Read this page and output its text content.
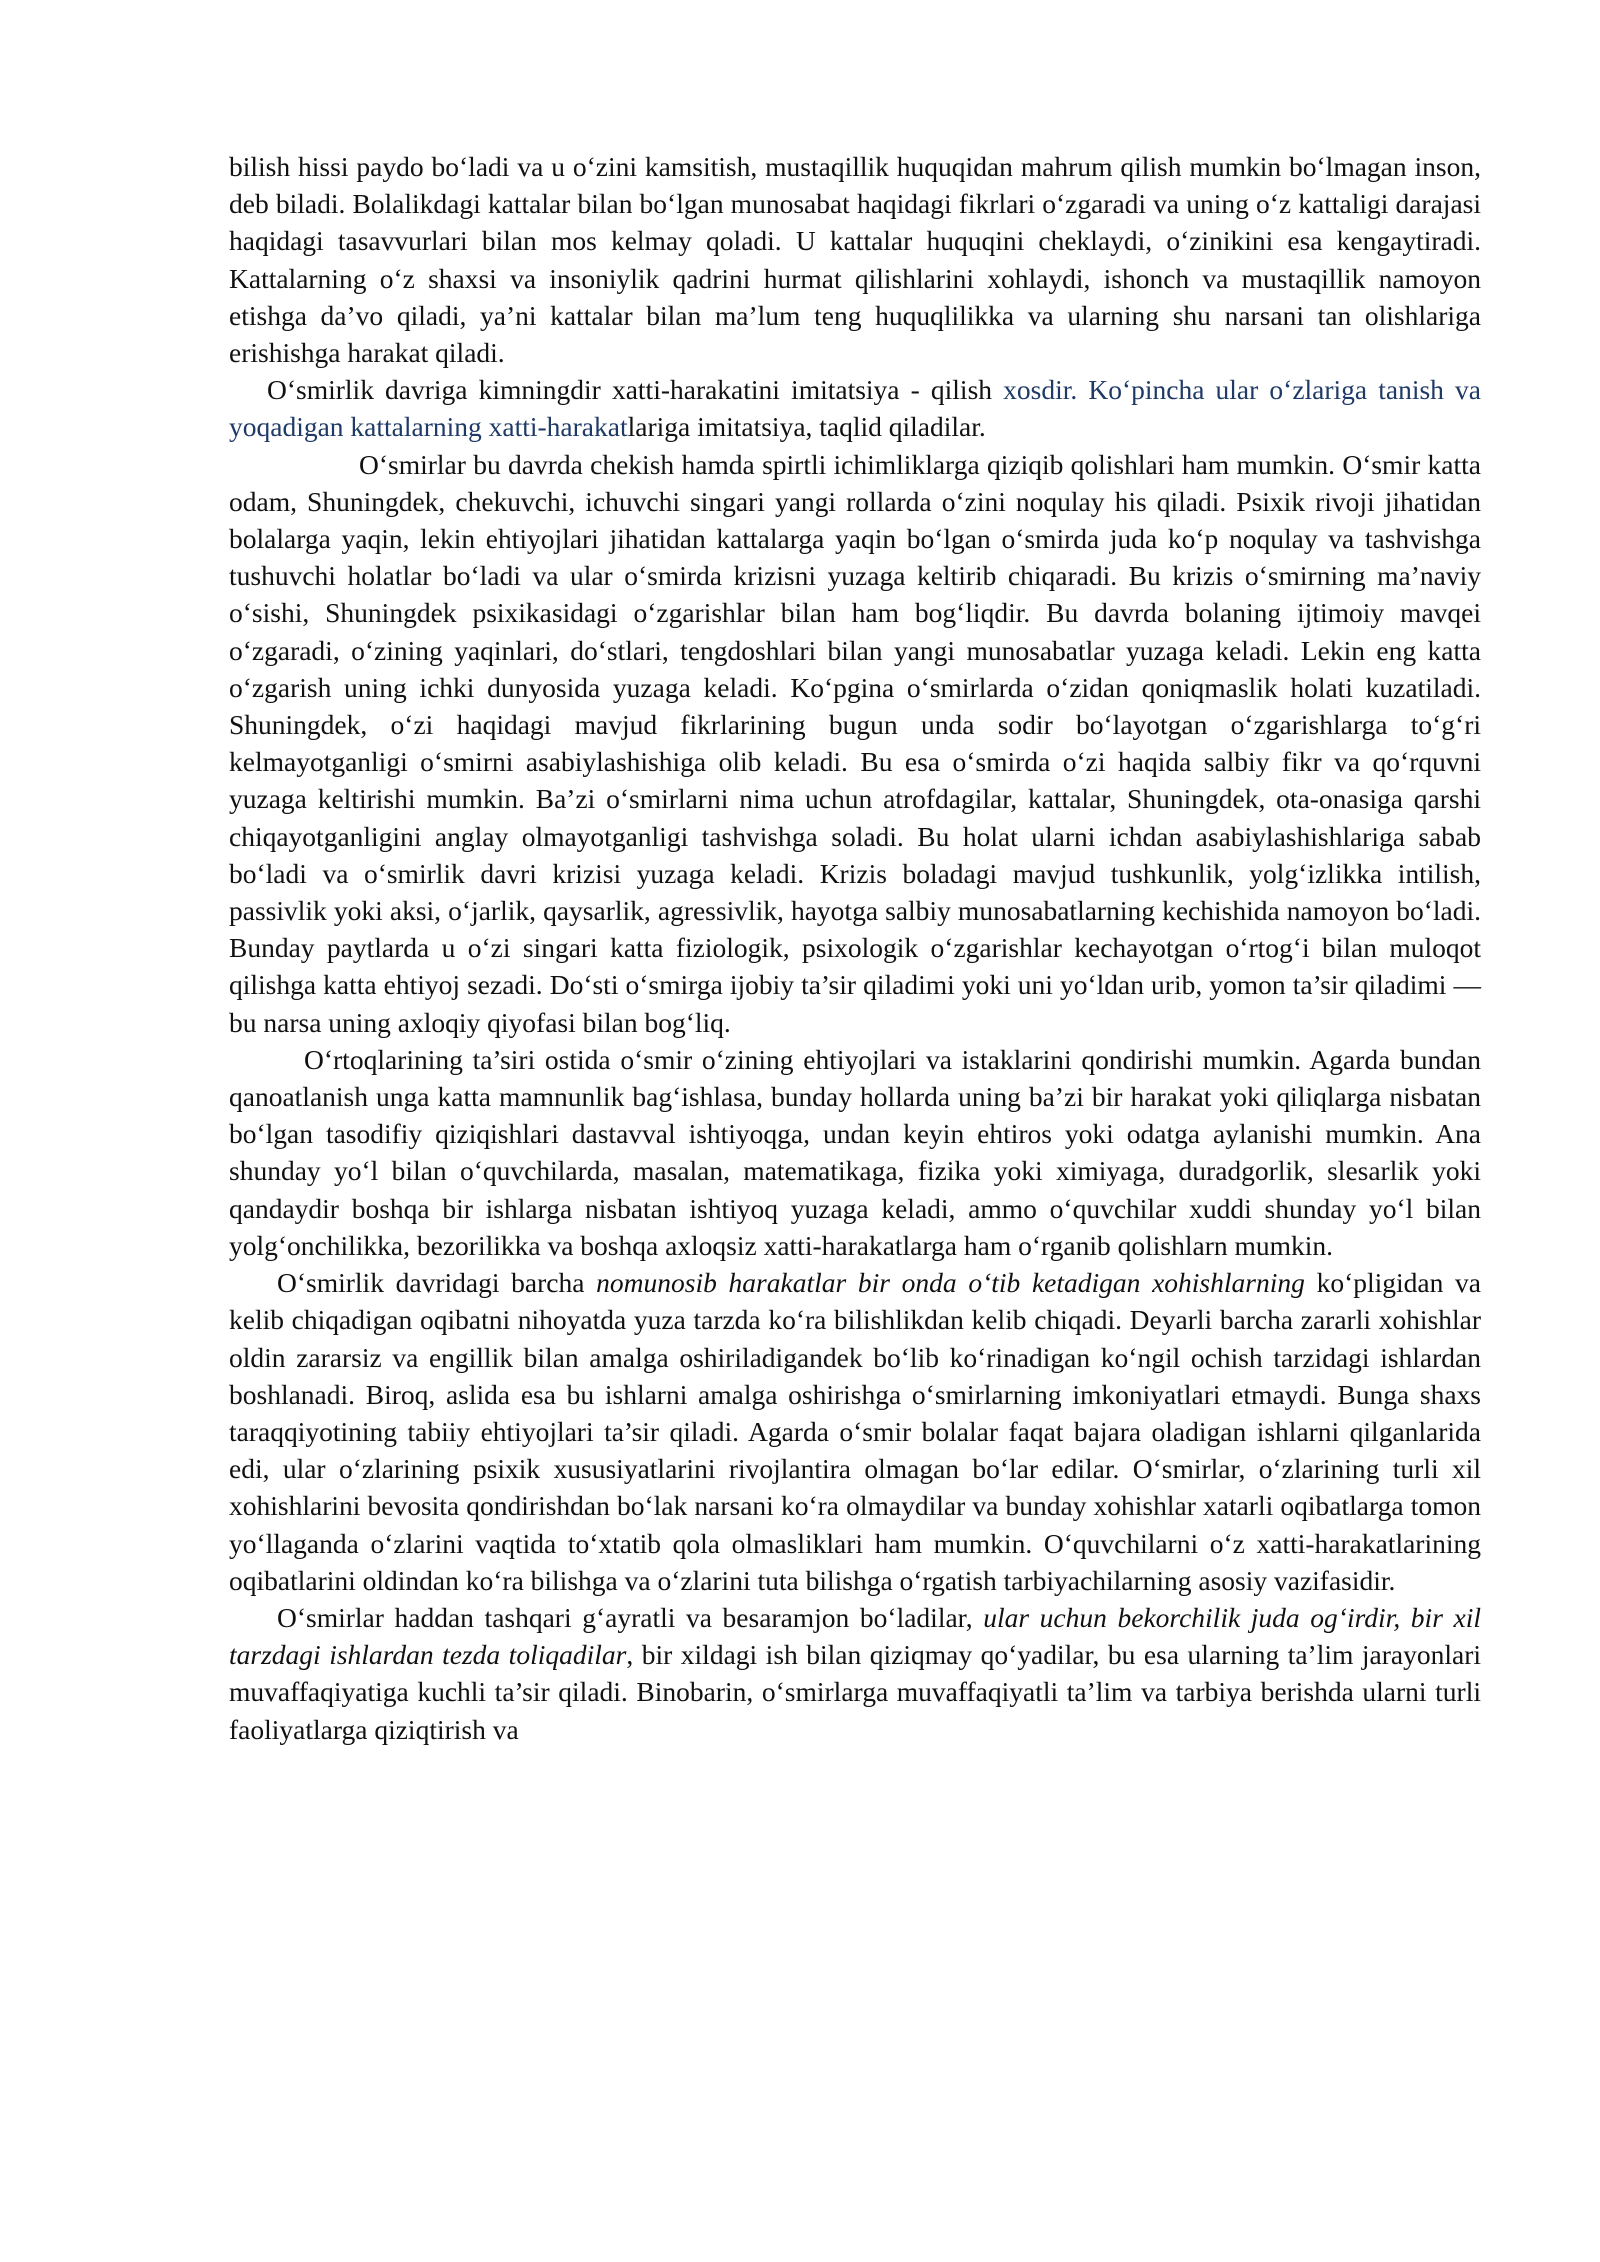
bilish hissi paydo bo‘ladi va u o‘zini kamsitish, mustaqillik huquqidan mahrum qilish mumkin bo‘lmagan inson, deb biladi. Bolalikdagi kattalar bilan bo‘lgan munosabat haqidagi fikrlari o‘zgaradi va uning o‘z kattaligi darajasi haqidagi tasavvurlari bilan mos kelmay qoladi. U kattalar huquqini cheklaydi, o‘zinikini esa kengaytiradi. Kattalarning o‘z shaxsi va insoniylik qadrini hurmat qilishlarini xohlaydi, ishonch va mustaqillik namoyon etishga da’vo qiladi, ya’ni kattalar bilan ma’lum teng huquqlilikka va ularning shu narsani tan olishlariga erishishga harakat qiladi.

O‘smirlik davriga kimningdir xatti-harakatini imitatsiya - qilish xosdir. Ko‘pincha ular o‘zlariga tanish va yoqadigan kattalarning xatti-harakatlariga imitatsiya, taqlid qiladilar.

O‘smirlar bu davrda chekish hamda spirtli ichimliklarga qiziqib qolishlari ham mumkin. O‘smir katta odam, Shuningdek, chekuvchi, ichuvchi singari yangi rollarda o‘zini noqulay his qiladi. Psixik rivoji jihatidan bolalarga yaqin, lekin ehtiyojlari jihatidan kattalarga yaqin bo‘lgan o‘smirda juda ko‘p noqulay va tashvishga tushuvchi holatlar bo‘ladi va ular o‘smirda krizisni yuzaga keltirib chiqaradi. Bu krizis o‘smirning ma’naviy o‘sishi, Shuningdek psixikasidagi o‘zgarishlar bilan ham bog‘liqdir. Bu davrda bolaning ijtimoiy mavqei o‘zgaradi, o‘zining yaqinlari, do‘stlari, tengdoshlari bilan yangi munosabatlar yuzaga keladi. Lekin eng katta o‘zgarish uning ichki dunyosida yuzaga keladi. Ko‘pgina o‘smirlarda o‘zidan qoniqmaslik holati kuzatiladi. Shuningdek, o‘zi haqidagi mavjud fikrlarining bugun unda sodir bo‘layotgan o‘zgarishlarga to‘g‘ri kelmayotganligi o‘smirni asabiylashishiga olib keladi. Bu esa o‘smirda o‘zi haqida salbiy fikr va qo‘rquvni yuzaga keltirishi mumkin. Ba’zi o‘smirlarni nima uchun atrofdagilar, kattalar, Shuningdek, ota-onasiga qarshi chiqayotganligini anglay olmayotganligi tashvishga soladi. Bu holat ularni ichdan asabiylashishlariga sabab bo‘ladi va o‘smirlik davri krizisi yuzaga keladi. Krizis boladagi mavjud tushkunlik, yolg‘izlikka intilish, passivlik yoki aksi, o‘jarlik, qaysarlik, agressivlik, hayotga salbiy munosabatlarning kechishida namoyon bo‘ladi. Bunday paytlarda u o‘zi singari katta fiziologik, psixologik o‘zgarishlar kechayotgan o‘rtog‘i bilan muloqot qilishga katta ehtiyoj sezadi. Do‘sti o‘smirga ijobiy ta’sir qiladimi yoki uni yo‘ldan urib, yomon ta’sir qiladimi — bu narsa uning axloqiy qiyofasi bilan bog‘liq.

O‘rtoqlarining ta’siri ostida o‘smir o‘zining ehtiyojlari va istaklarini qondirishi mumkin. Agarda bundan qanoatlanish unga katta mamnunlik bag‘ishlasa, bunday hollarda uning ba’zi bir harakat yoki qiliqlarga nisbatan bo‘lgan tasodifiy qiziqishlari dastavval ishtiyoqga, undan keyin ehtiros yoki odatga aylanishi mumkin. Ana shunday yo‘l bilan o‘quvchilarda, masalan, matematikaga, fizika yoki ximiyaga, duradgorlik, slesarlik yoki qandaydir boshqa bir ishlarga nisbatan ishtiyoq yuzaga keladi, ammo o‘quvchilar xuddi shunday yo‘l bilan yolg‘onchilikka, bezorilikka va boshqa axloqsiz xatti-harakatlarga ham o‘rganib qolishlarn mumkin.

O‘smirlik davridagi barcha nomunosib harakatlar bir onda o‘tib ketadigan xohishlarning ko‘pligidan va kelib chiqadigan oqibatni nihoyatda yuza tarzda ko‘ra bilishlikdan kelib chiqadi. Deyarli barcha zararli xohishlar oldin zararsiz va engillik bilan amalga oshiriladigandek bo‘lib ko‘rinadigan ko‘ngil ochish tarzidagi ishlardan boshlanadi. Biroq, aslida esa bu ishlarni amalga oshirishga o‘smirlarning imkoniyatlari etmaydi. Bunga shaxs taraqqiyotining tabiiy ehtiyojlari ta’sir qiladi. Agarda o‘smir bolalar faqat bajara oladigan ishlarni qilganlarida edi, ular o‘zlarining psixik xususiyatlarini rivojlantira olmagan bo‘lar edilar. O‘smirlar, o‘zlarining turli xil xohishlarini bevosita qondirishdan bo‘lak narsani ko‘ra olmaydilar va bunday xohishlar xatarli oqibatlarga tomon yo‘llaganda o‘zlarini vaqtida to‘xtatib qola olmasliklari ham mumkin. O‘quvchilarni o‘z xatti-harakatlarining oqibatlarini oldindan ko‘ra bilishga va o‘zlarini tuta bilishga o‘rgatish tarbiyachilarning asosiy vazifasidir.

O‘smirlar haddan tashqari g‘ayratli va besaramjon bo‘ladilar, ular uchun bekorchilik juda og‘irdir, bir xil tarzdagi ishlardan tezda toliqadilar, bir xildagi ish bilan qiziqmay qo‘yadilar, bu esa ularning ta’lim jarayonlari muvaffaqiyatiga kuchli ta’sir qiladi. Binobarin, o‘smirlarga muvaffaqiyatli ta’lim va tarbiya berishda ularni turli faoliyatlarga qiziqtirish va
